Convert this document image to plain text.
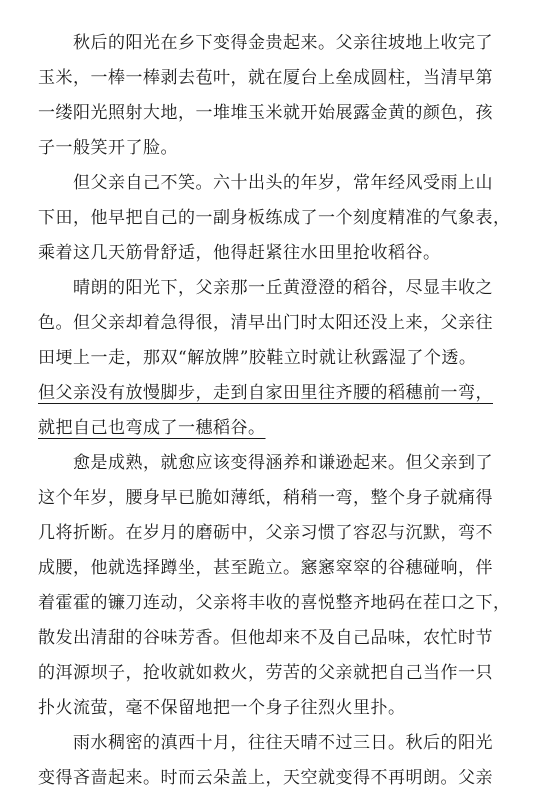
　　秋后的阳光在乡下变得金贵起来。父亲往坡地上收完了
玉米，一棒一棒剥去苞叶，就在厦台上垒成圆柱，当清早第
一缕阳光照射大地，一堆堆玉米就开始展露金黄的颜色，孩
子一般笑开了脸。
　　但父亲自己不笑。六十出头的年岁，常年经风受雨上山
下田，他早把自己的一副身板练成了一个刻度精准的气象表，
乘着这几天筋骨舒适，他得赶紧往水田里抢收稻谷。
　　晴朗的阳光下，父亲那一丘黄澄澄的稻谷，尽显丰收之
色。但父亲却着急得很，清早出门时太阳还没上来，父亲往
田埂上一走，那双“解放牌”胶鞋立时就让秋露湿了个透。
但父亲没有放慢脚步，走到自家田里往齐腰的稻穗前一弯，
就把自己也弯成了一穗稻谷。
　　愈是成熟，就愈应该变得涵养和谦逊起来。但父亲到了
这个年岁，腰身早已脆如薄纸，稍稍一弯，整个身子就痛得
几将折断。在岁月的磨砺中，父亲习惯了容忍与沉默，弯不
成腰，他就选择蹲坐，甚至跪立。窸窸窣窣的谷穗碰响，伴
着霍霍的镰刀连动，父亲将丰收的喜悦整齐地码在茬口之下，
散发出清甜的谷味芳香。但他却来不及自己品味，农忙时节
的洱源坝子，抢收就如救火，劳苦的父亲就把自己当作一只
扑火流萤，毫不保留地把一个身子往烈火里扑。
　　雨水稠密的滇西十月，往往天晴不过三日。秋后的阳光
变得吝啬起来。时而云朵盖上，天空就变得不再明朗。父亲
